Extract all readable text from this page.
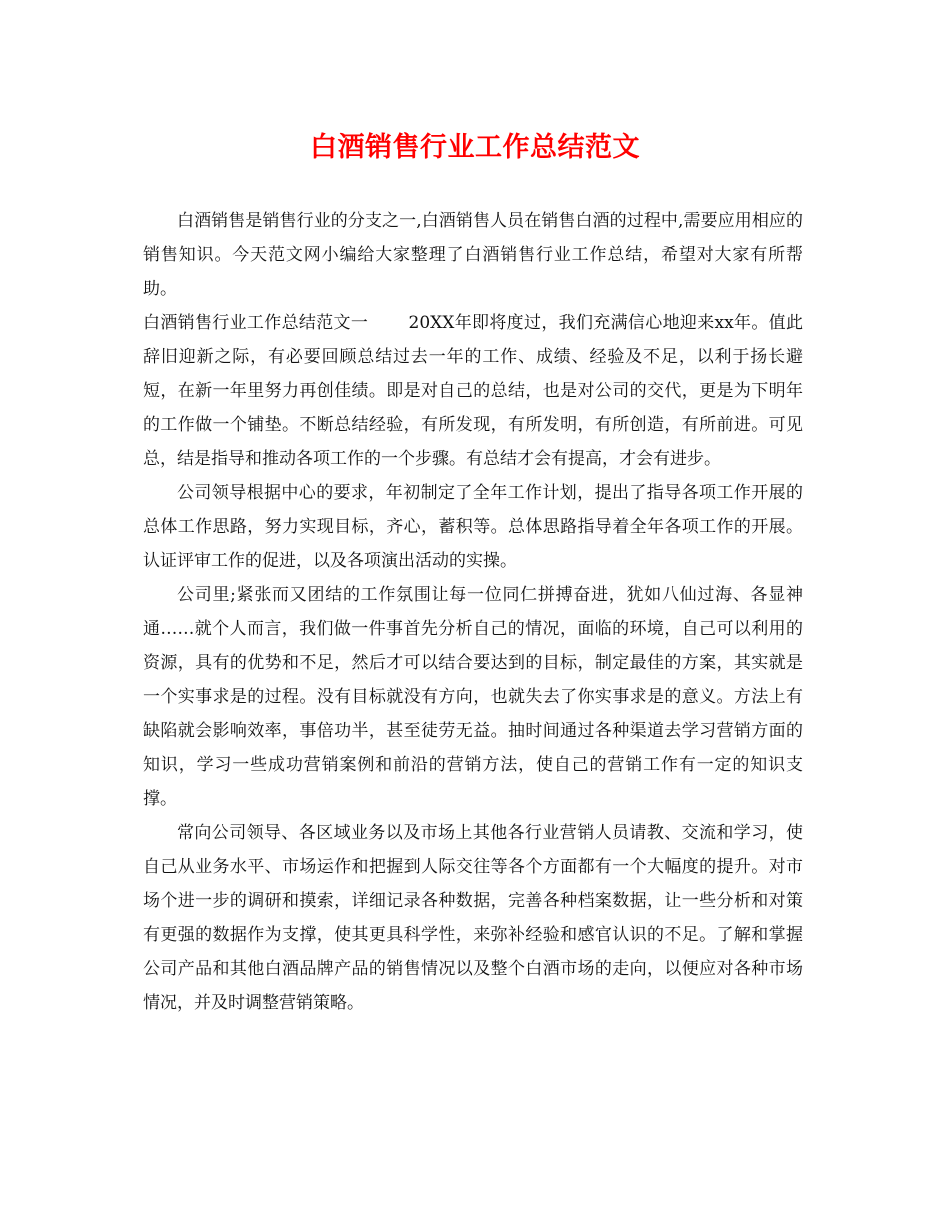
白酒销售行业工作总结范文

白酒销售是销售行业的分支之一,白酒销售人员在销售白酒的过程中,需要应用相应的销售知识。今天范文网小编给大家整理了白酒销售行业工作总结，希望对大家有所帮助。

白酒销售行业工作总结范文一　　 20XX年即将度过，我们充满信心地迎来xx年。值此辞旧迎新之际，有必要回顾总结过去一年的工作、成绩、经验及不足，以利于扬长避短，在新一年里努力再创佳绩。即是对自己的总结，也是对公司的交代，更是为下明年的工作做一个铺垫。不断总结经验，有所发现，有所发明，有所创造，有所前进。可见总，结是指导和推动各项工作的一个步骤。有总结才会有提高，才会有进步。

公司领导根据中心的要求，年初制定了全年工作计划，提出了指导各项工作开展的总体工作思路，努力实现目标，齐心，蓄积等。总体思路指导着全年各项工作的开展。认证评审工作的促进，以及各项演出活动的实操。

公司里;紧张而又团结的工作氛围让每一位同仁拼搏奋进，犹如八仙过海、各显神通……就个人而言，我们做一件事首先分析自己的情况，面临的环境，自己可以利用的资源，具有的优势和不足，然后才可以结合要达到的目标，制定最佳的方案，其实就是一个实事求是的过程。没有目标就没有方向，也就失去了你实事求是的意义。方法上有缺陷就会影响效率，事倍功半，甚至徒劳无益。抽时间通过各种渠道去学习营销方面的知识，学习一些成功营销案例和前沿的营销方法，使自己的营销工作有一定的知识支撑。

常向公司领导、各区域业务以及市场上其他各行业营销人员请教、交流和学习，使自己从业务水平、市场运作和把握到人际交往等各个方面都有一个大幅度的提升。对市场个进一步的调研和摸索，详细记录各种数据，完善各种档案数据，让一些分析和对策有更强的数据作为支撑，使其更具科学性，来弥补经验和感官认识的不足。了解和掌握公司产品和其他白酒品牌产品的销售情况以及整个白酒市场的走向，以便应对各种市场情况，并及时调整营销策略。
